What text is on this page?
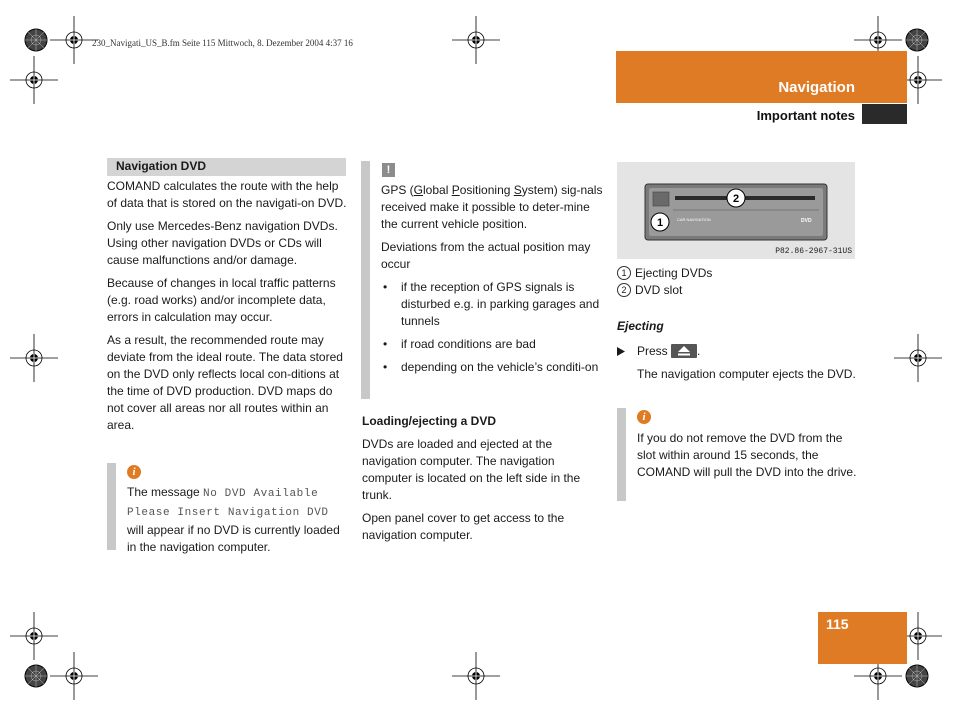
230_Navigati_US_B.fm Seite 115 Mittwoch, 8. Dezember 2004 4:37 16
Navigation
Important notes
Navigation DVD

COMAND calculates the route with the help of data that is stored on the navigati-on DVD.

Only use Mercedes-Benz navigation DVDs. Using other navigation DVDs or CDs will cause malfunctions and/or damage.

Because of changes in local traffic patterns (e.g. road works) and/or incomplete data, errors in calculation may occur.

As a result, the recommended route may deviate from the ideal route. The data stored on the DVD only reflects local con-ditions at the time of DVD production. DVD maps do not cover all areas nor all routes within an area.

i
The message No DVD Available
Please Insert Navigation DVD
will appear if no DVD is currently loaded in the navigation computer.
!

GPS (Global Positioning System) sig-nals received make it possible to deter-mine the current vehicle position.

Deviations from the actual position may occur

• if the reception of GPS signals is disturbed e.g. in parking garages and tunnels
• if road conditions are bad
• depending on the vehicle’s conditi-on

Loading/ejecting a DVD

DVDs are loaded and ejected at the navigation computer. The navigation computer is located on the left side in the trunk.

Open panel cover to get access to the navigation computer.

2
1	CAR NAVIGATION	DVD
P82.86-2967-31US
1 Ejecting DVDs
2 DVD slot

Ejecting

Press .

The navigation computer ejects the DVD.

i
If you do not remove the DVD from the slot within around 15 seconds, the COMAND will pull the DVD into the drive.
115
